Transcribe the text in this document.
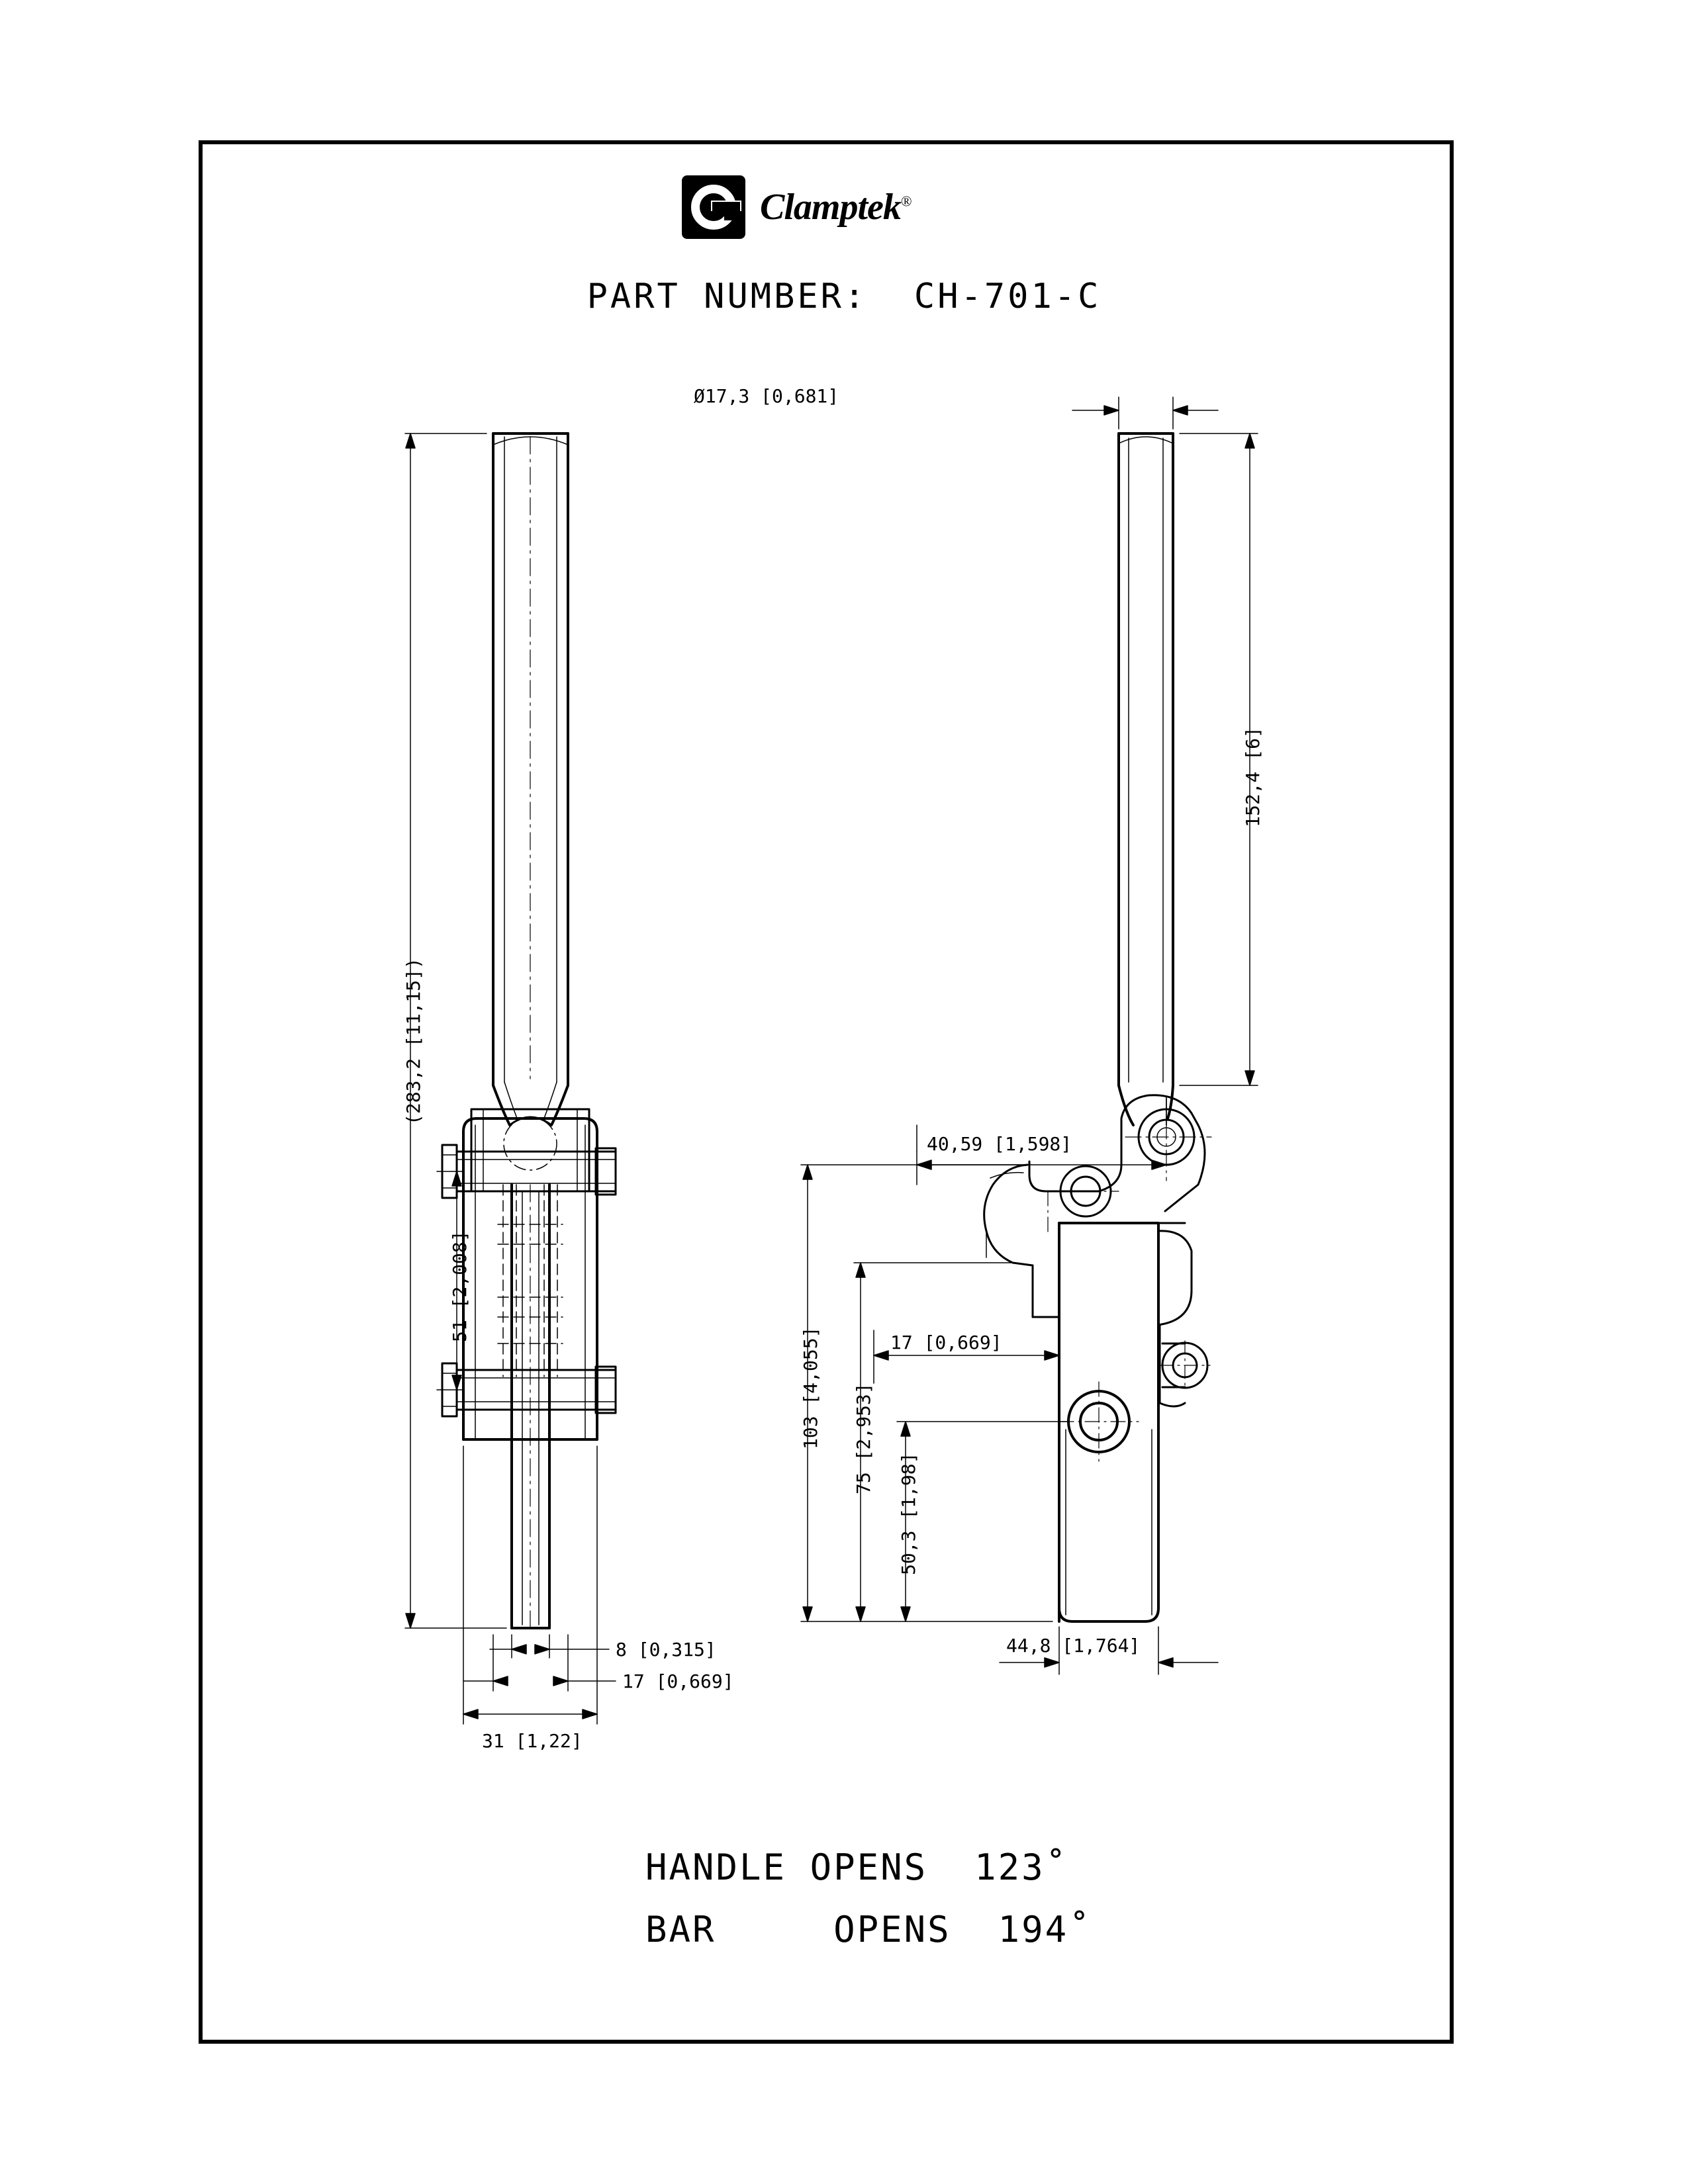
Clamptek®
PART NUMBER: CH-701-C
(283,2 [11,15])
51 [2,008]
8 [0,315]
17 [0,669]
31 [1,22]
Ø17,3 [0,681]
152,4 [6]
40,59 [1,598]
17 [0,669]
103 [4,055] 75 [2,953]
50,3 [1,98]
44,8 [1,764]
HANDLE OPENS  123˚
BAR     OPENS  194˚
